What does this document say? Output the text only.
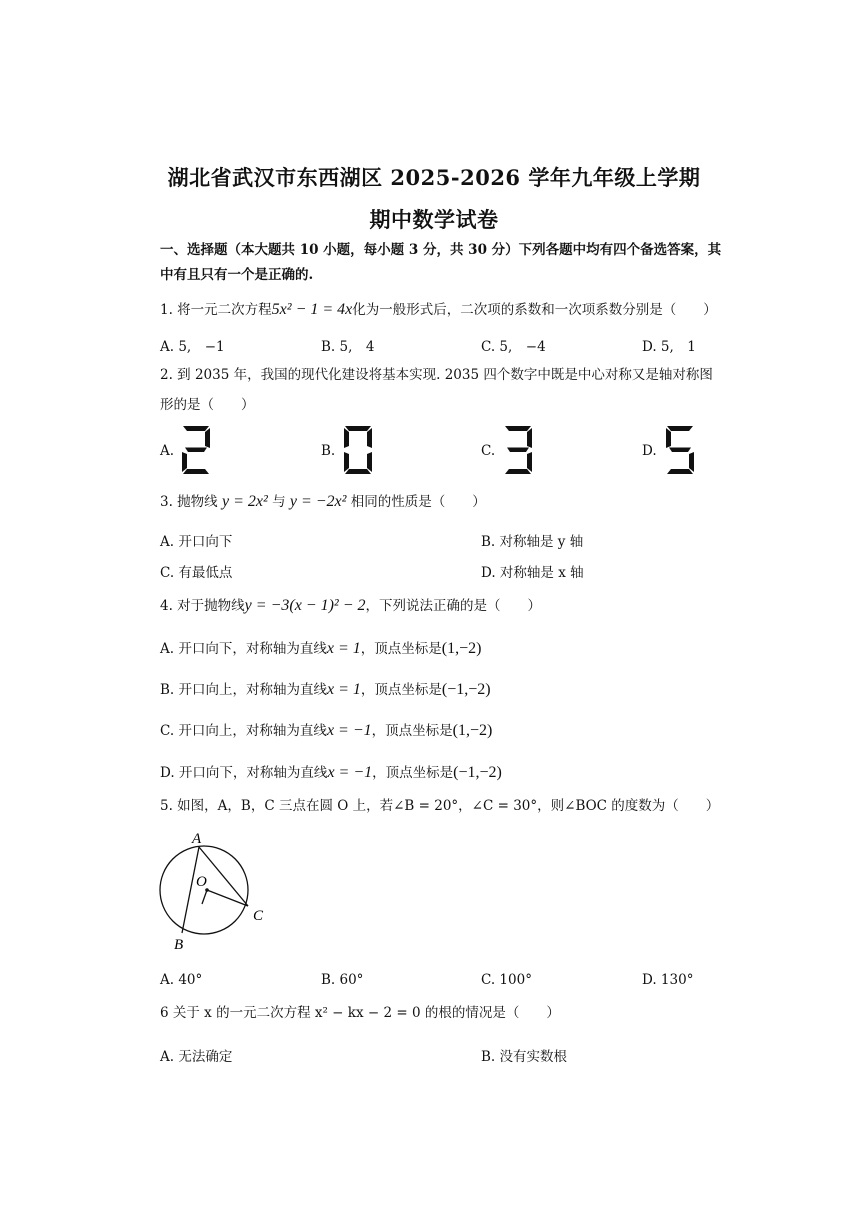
湖北省武汉市东西湖区 2025-2026 学年九年级上学期
期中数学试卷
一、选择题（本大题共 10 小题，每小题 3 分，共 30 分）下列各题中均有四个备选答案，其
中有且只有一个是正确的.
1. 将一元二次方程5x² − 1 = 4x化为一般形式后，二次项的系数和一次项系数分别是（　　）
A. 5,　−1	B. 5,　4	C. 5,　−4	D. 5,　1
2. 到 2035 年，我国的现代化建设将基本实现. 2035 四个数字中既是中心对称又是轴对称图
形的是（　　）
A.	B.	C.	D.
3. 抛物线 y = 2x² 与 y = −2x² 相同的性质是（　　）
A. 开口向下	B. 对称轴是 y 轴
C. 有最低点	D. 对称轴是 x 轴
4. 对于抛物线y = −3(x − 1)² − 2，下列说法正确的是（　　）
A. 开口向下，对称轴为直线x = 1，顶点坐标是(1,−2)
B. 开口向上，对称轴为直线x = 1，顶点坐标是(−1,−2)
C. 开口向上，对称轴为直线x = −1，顶点坐标是(1,−2)
D. 开口向下，对称轴为直线x = −1，顶点坐标是(−1,−2)
5. 如图，A，B，C 三点在圆 O 上，若∠B = 20°，∠C = 30°，则∠BOC 的度数为（　　）
A
O
B
C
A. 40°	B. 60°	C. 100°	D. 130°
6 关于 x 的一元二次方程 x² − kx − 2 = 0 的根的情况是（　　）
A. 无法确定	B. 没有实数根
